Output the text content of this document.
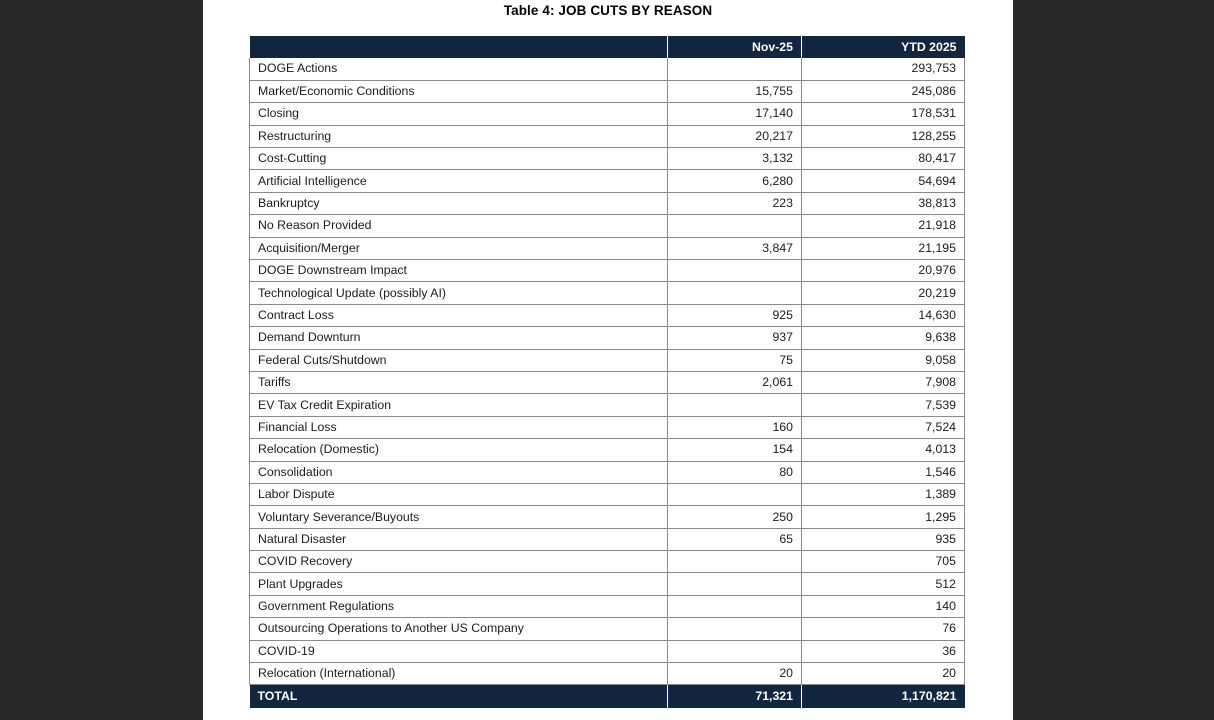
Table 4: JOB CUTS BY REASON
	Nov-25	YTD 2025
DOGE Actions		293,753
Market/Economic Conditions	15,755	245,086
Closing	17,140	178,531
Restructuring	20,217	128,255
Cost-Cutting	3,132	80,417
Artificial Intelligence	6,280	54,694
Bankruptcy	223	38,813
No Reason Provided		21,918
Acquisition/Merger	3,847	21,195
DOGE Downstream Impact		20,976
Technological Update (possibly AI)		20,219
Contract Loss	925	14,630
Demand Downturn	937	9,638
Federal Cuts/Shutdown	75	9,058
Tariffs	2,061	7,908
EV Tax Credit Expiration		7,539
Financial Loss	160	7,524
Relocation (Domestic)	154	4,013
Consolidation	80	1,546
Labor Dispute		1,389
Voluntary Severance/Buyouts	250	1,295
Natural Disaster	65	935
COVID Recovery		705
Plant Upgrades		512
Government Regulations		140
Outsourcing Operations to Another US Company		76
COVID-19		36
Relocation (International)	20	20
TOTAL	71,321	1,170,821
